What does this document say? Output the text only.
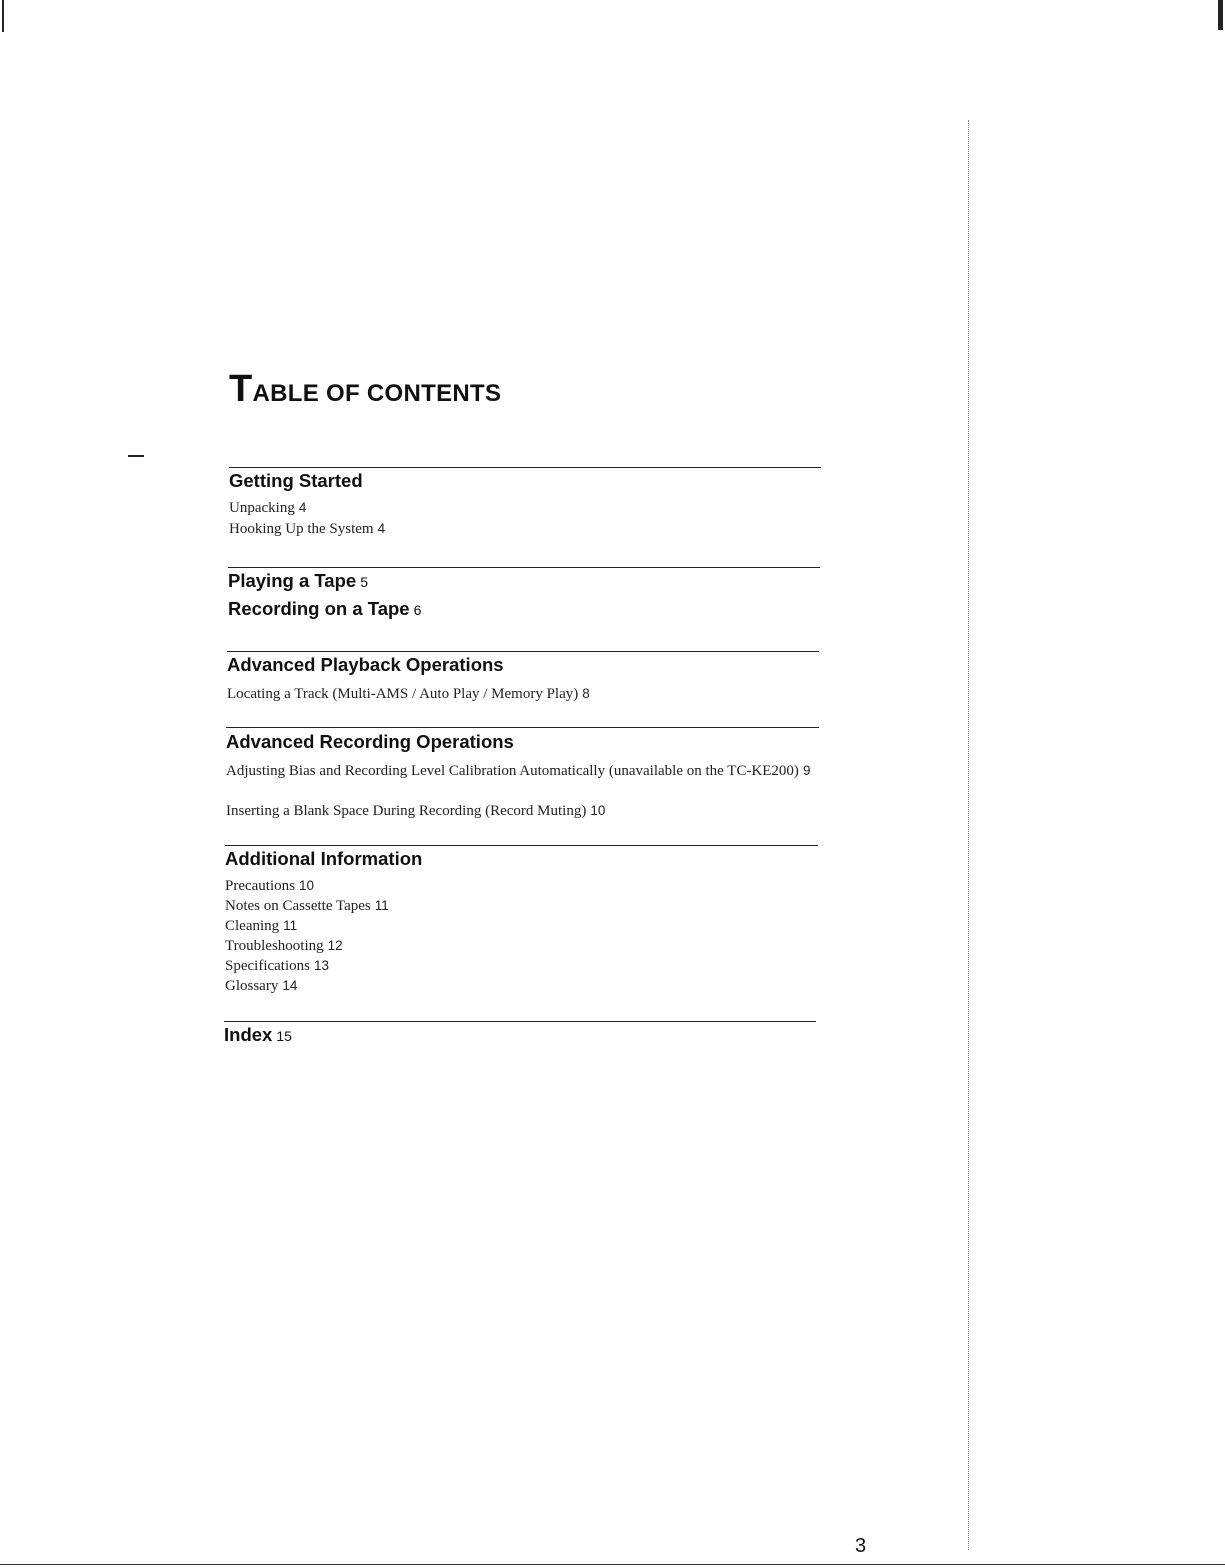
TABLE OF CONTENTS
Getting Started
Unpacking 4
Hooking Up the System 4
Playing a Tape 5
Recording on a Tape 6
Advanced Playback Operations
Locating a Track (Multi-AMS / Auto Play / Memory Play) 8
Advanced Recording Operations
Adjusting Bias and Recording Level Calibration Automatically (unavailable on the TC-KE200) 9
Inserting a Blank Space During Recording (Record Muting) 10
Additional Information
Precautions 10
Notes on Cassette Tapes 11
Cleaning 11
Troubleshooting 12
Specifications 13
Glossary 14
Index 15
3
